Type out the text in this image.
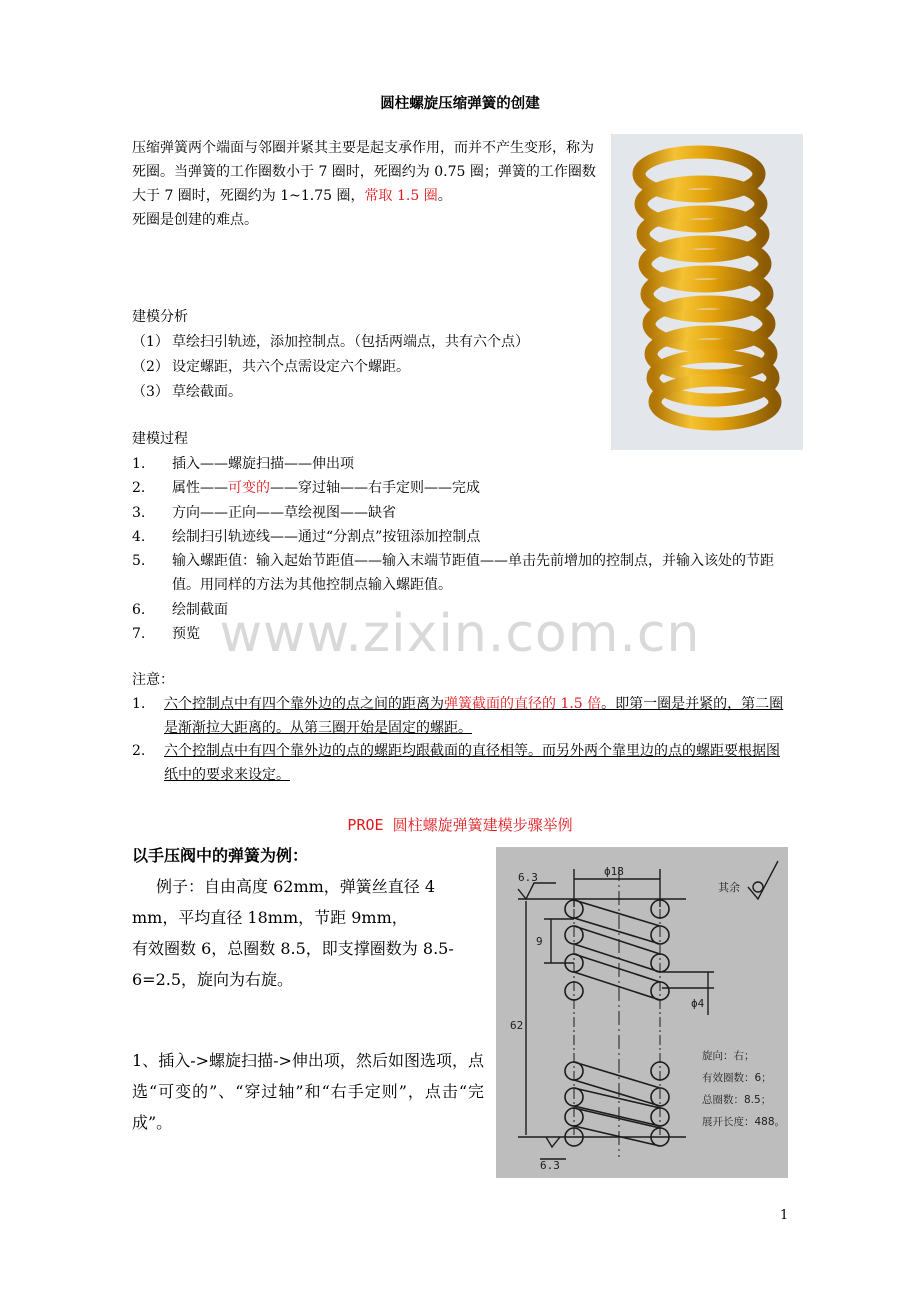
圆柱螺旋压缩弹簧的创建
压缩弹簧两个端面与邻圈并紧其主要是起支承作用，而并不产生变形，称为死圈。当弹簧的工作圈数小于 7 圈时，死圈约为 0.75 圈；弹簧的工作圈数大于 7 圈时，死圈约为 1~1.75 圈，常取 1.5 圈。
死圈是创建的难点。
建模分析
（1） 草绘扫引轨迹，添加控制点。（包括两端点，共有六个点）
（2） 设定螺距，共六个点需设定六个螺距。
（3） 草绘截面。
建模过程
1.	插入——螺旋扫描——伸出项
2.	属性——可变的——穿过轴——右手定则——完成
3.	方向——正向——草绘视图——缺省
4.	绘制扫引轨迹线——通过“分割点”按钮添加控制点
5.	输入螺距值：输入起始节距值——输入末端节距值——单击先前增加的控制点，并输入该处的节距值。用同样的方法为其他控制点输入螺距值。
6.	绘制截面
7.	预览 www.zixin.com.cn
注意：
1.	六个控制点中有四个靠外边的点之间的距离为弹簧截面的直径的 1.5 倍。即第一圈是并紧的，第二圈是渐渐拉大距离的。从第三圈开始是固定的螺距。
2.	六个控制点中有四个靠外边的点的螺距均跟截面的直径相等。而另外两个靠里边的点的螺距要根据图纸中的要求来设定。
PROE 圆柱螺旋弹簧建模步骤举例
以手压阀中的弹簧为例：

例子：自由高度 62mm，弹簧丝直径 4 mm，平均直径 18mm，节距 9mm，

有效圈数 6，总圈数 8.5，即支撑圈数为 8.5-6=2.5，旋向为右旋。

1、插入->螺旋扫描->伸出项，然后如图选项，点选“可变的”、“穿过轴”和“右手定则”，点击“完成”。
6.3	ϕ18
其余
9
ϕ4
62
6.3
旋向：右；
有效圈数：6；
总圈数：8.5；
展开长度：488。
1
